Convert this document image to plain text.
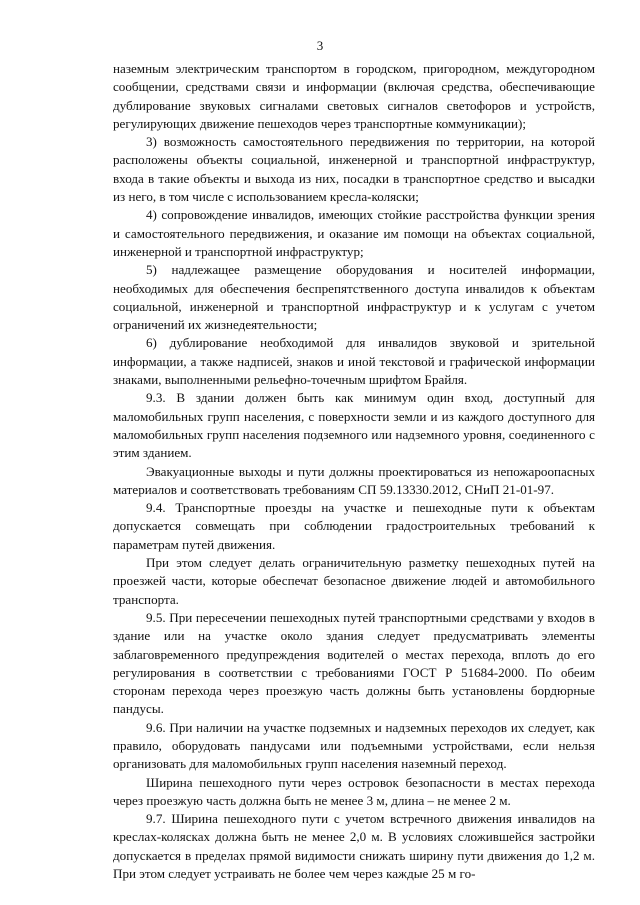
3

наземным электрическим транспортом в городском, пригородном, междугородном сообщении, средствами связи и информации (включая средства, обеспечивающие дублирование звуковых сигналами световых сигналов светофоров и устройств, регулирующих движение пешеходов через транспортные коммуникации);

3) возможность самостоятельного передвижения по территории, на которой расположены объекты социальной, инженерной и транспортной инфраструктур, входа в такие объекты и выхода из них, посадки в транспортное средство и высадки из него, в том числе с использованием кресла-коляски;

4) сопровождение инвалидов, имеющих стойкие расстройства функции зрения и самостоятельного передвижения, и оказание им помощи на объектах социальной, инженерной и транспортной инфраструктур;

5) надлежащее размещение оборудования и носителей информации, необходимых для обеспечения беспрепятственного доступа инвалидов к объектам социальной, инженерной и транспортной инфраструктур и к услугам с учетом ограничений их жизнедеятельности;

6) дублирование необходимой для инвалидов звуковой и зрительной информации, а также надписей, знаков и иной текстовой и графической информации знаками, выполненными рельефно-точечным шрифтом Брайля.

9.3. В здании должен быть как минимум один вход, доступный для маломобильных групп населения, с поверхности земли и из каждого доступного для маломобильных групп населения подземного или надземного уровня, соединенного с этим зданием.

Эвакуационные выходы и пути должны проектироваться из непожароопасных материалов и соответствовать требованиям СП 59.13330.2012, СНиП 21-01-97.

9.4. Транспортные проезды на участке и пешеходные пути к объектам допускается совмещать при соблюдении градостроительных требований к параметрам путей движения.

При этом следует делать ограничительную разметку пешеходных путей на проезжей части, которые обеспечат безопасное движение людей и автомобильного транспорта.

9.5. При пересечении пешеходных путей транспортными средствами у входов в здание или на участке около здания следует предусматривать элементы заблаговременного предупреждения водителей о местах перехода, вплоть до его регулирования в соответствии с требованиями ГОСТ Р 51684-2000. По обеим сторонам перехода через проезжую часть должны быть установлены бордюрные пандусы.

9.6. При наличии на участке подземных и надземных переходов их следует, как правило, оборудовать пандусами или подъемными устройствами, если нельзя организовать для маломобильных групп населения наземный переход.

Ширина пешеходного пути через островок безопасности в местах перехода через проезжую часть должна быть не менее 3 м, длина – не менее 2 м.

9.7. Ширина пешеходного пути с учетом встречного движения инвалидов на креслах-колясках должна быть не менее 2,0 м. В условиях сложившейся застройки допускается в пределах прямой видимости снижать ширину пути движения до 1,2 м. При этом следует устраивать не более чем через каждые 25 м го-
